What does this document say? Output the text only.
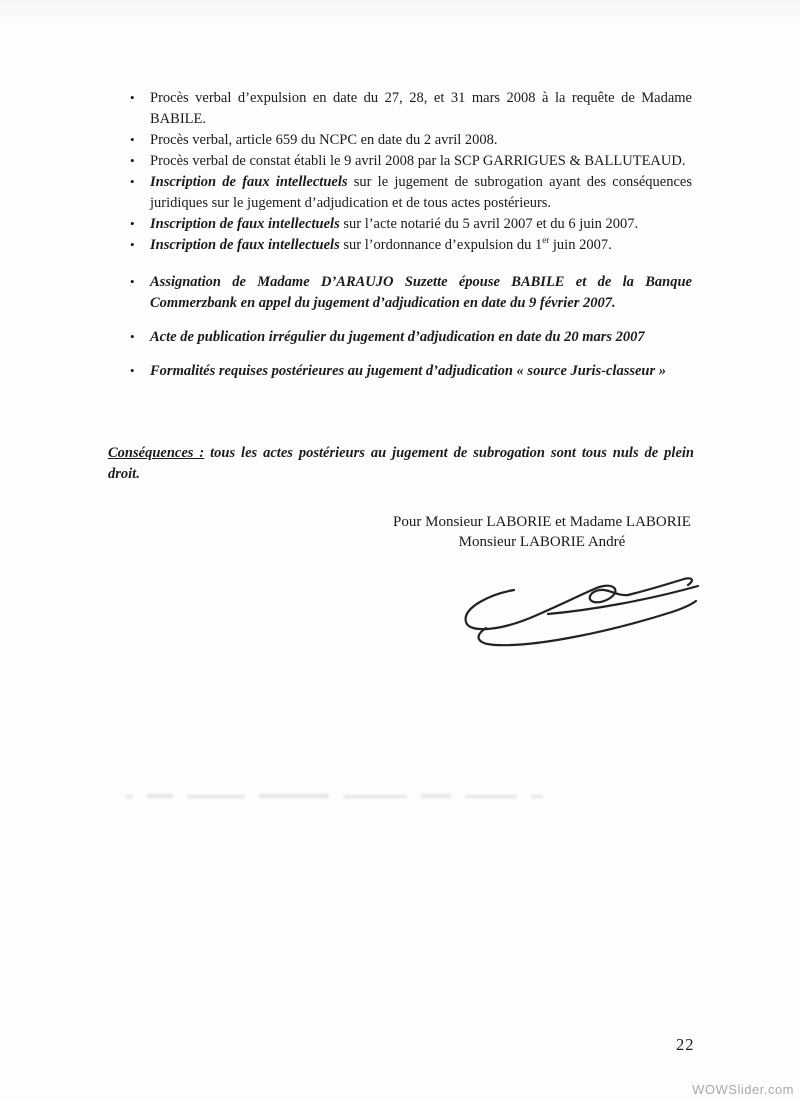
• Procès verbal d’expulsion en date du 27, 28, et 31 mars 2008 à la requête de Madame BABILE.
• Procès verbal, article 659 du NCPC en date du 2 avril 2008.
• Procès verbal de constat établi le 9 avril 2008 par la SCP GARRIGUES & BALLUTEAUD.
• Inscription de faux intellectuels sur le jugement de subrogation ayant des conséquences juridiques sur le jugement d’adjudication et de tous actes postérieurs.
• Inscription de faux intellectuels sur l’acte notarié du 5 avril 2007 et du 6 juin 2007.
• Inscription de faux intellectuels sur l’ordonnance d’expulsion du 1er juin 2007.
• Assignation de Madame D’ARAUJO Suzette épouse BABILE et de la Banque Commerzbank en appel du jugement d’adjudication en date du 9 février 2007.
• Acte de publication irrégulier du jugement d’adjudication en date du 20 mars 2007
• Formalités requises postérieures au jugement d’adjudication « source Juris-classeur »

Conséquences : tous les actes postérieurs au jugement de subrogation sont tous nuls de plein droit.

Pour Monsieur LABORIE et Madame LABORIE
Monsieur LABORIE André
22
WOWSlider.com
